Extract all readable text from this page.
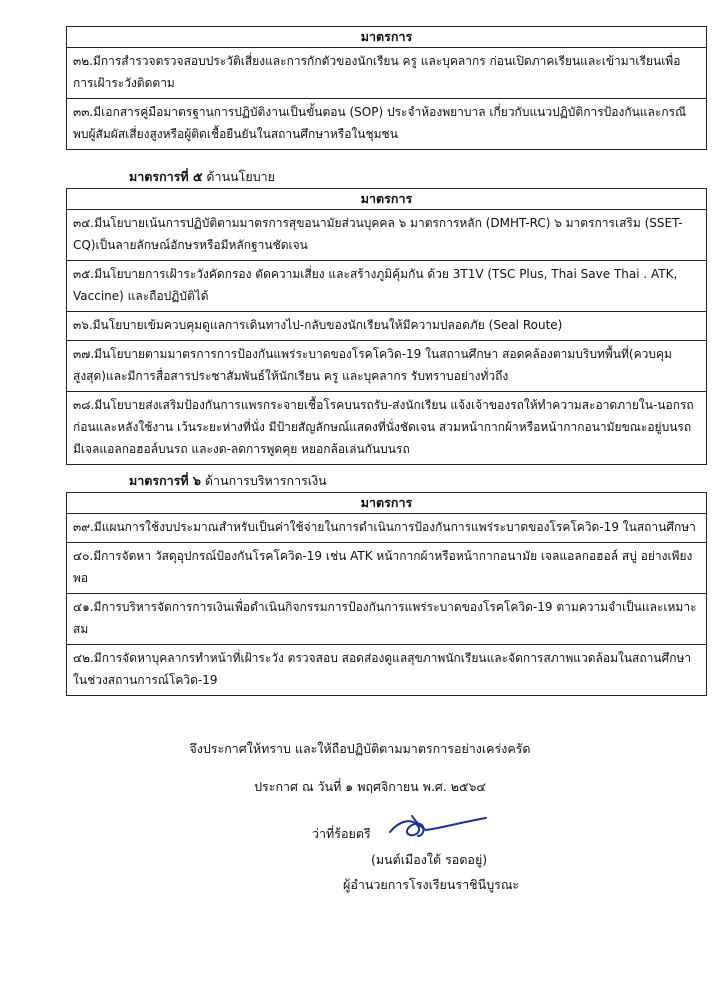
มาตรการ
๓๒.มีการสำรวจตรวจสอบประวัติเสี่ยงและการกักตัวของนักเรียน ครู และบุคลากร ก่อนเปิดภาคเรียนและเข้ามาเรียนเพื่อการเฝ้าระวังติดตาม
๓๓.มีเอกสารคู่มือมาตรฐานการปฏิบัติงานเป็นขั้นตอน (SOP) ประจำห้องพยาบาล เกี่ยวกับแนวปฏิบัติการป้องกันและกรณีพบผู้สัมผัสเสี่ยงสูงหรือผู้ติดเชื้อยืนยันในสถานศึกษาหรือในชุมชน
มาตรการที่ ๕ ด้านนโยบาย
มาตรการ
๓๔.มีนโยบายเน้นการปฏิบัติตามมาตรการสุขอนามัยส่วนบุคคล ๖ มาตรการหลัก (DMHT-RC) ๖ มาตรการเสริม (SSET-CQ)เป็นลายลักษณ์อักษรหรือมีหลักฐานชัดเจน
๓๕.มีนโยบายการเฝ้าระวังคัดกรอง ตัดความเสี่ยง และสร้างภูมิคุ้มกัน ด้วย 3T1V (TSC Plus, Thai Save Thai . ATK, Vaccine) และถือปฏิบัติได้
๓๖.มีนโยบายเข้มควบคุมดูแลการเดินทางไป-กลับของนักเรียนให้มีความปลอดภัย (Seal Route)
๓๗.มีนโยบายตามมาตรการการป้องกันแพร่ระบาดของโรคโควิด-19 ในสถานศึกษา สอดคล้องตามบริบทพื้นที่(ควบคุมสูงสุด)และมีการสื่อสารประชาสัมพันธ์ให้นักเรียน ครู และบุคลากร รับทราบอย่างทั่วถึง
๓๘.มีนโยบายส่งเสริมป้องกันการแพรกระจายเชื้อโรคบนรถรับ-ส่งนักเรียน แจ้งเจ้าของรถให้ทำความสะอาดภายใน-นอกรถก่อนและหลังใช้งาน เว้นระยะห่างที่นั่ง มีป้ายสัญลักษณ์แสดงที่นั่งชัดเจน สวมหน้ากากผ้าหรือหน้ากากอนามัยขณะอยู่บนรถ มีเจลแอลกอฮอล์บนรถ และงด-ลดการพูดคุย หยอกล้อเล่นกันบนรถ
มาตรการที่ ๖ ด้านการบริหารการเงิน
มาตรการ
๓๙.มีแผนการใช้งบประมาณสำหรับเป็นค่าใช้จ่ายในการดำเนินการป้องกันการแพร่ระบาดของโรคโควิด-19 ในสถานศึกษา
๔๐.มีการจัดหา วัสดุอุปกรณ์ป้องกันโรคโควิด-19 เช่น ATK หน้ากากผ้าหรือหน้ากากอนามัย เจลแอลกอฮอล์ สบู่ อย่างเพียงพอ
๔๑.มีการบริหารจัดการการเงินเพื่อดำเนินกิจกรรมการป้องกันการแพร่ระบาดของโรคโควิด-19 ตามความจำเป็นและเหมาะสม
๔๒.มีการจัดหาบุคลากรทำหน้าที่เฝ้าระวัง ตรวจสอบ สอดส่องดูแลสุขภาพนักเรียนและจัดการสภาพแวดล้อมในสถานศึกษาในช่วงสถานการณ์โควิด-19
จึงประกาศให้ทราบ และให้ถือปฏิบัติตามมาตรการอย่างเคร่งครัด
ประกาศ ณ วันที่ ๑ พฤศจิกายน พ.ศ. ๒๕๖๔
ว่าที่ร้อยตรี
(มนต์เมืองใต้ รอดอยู่)
ผู้อำนวยการโรงเรียนราชินีบูรณะ
